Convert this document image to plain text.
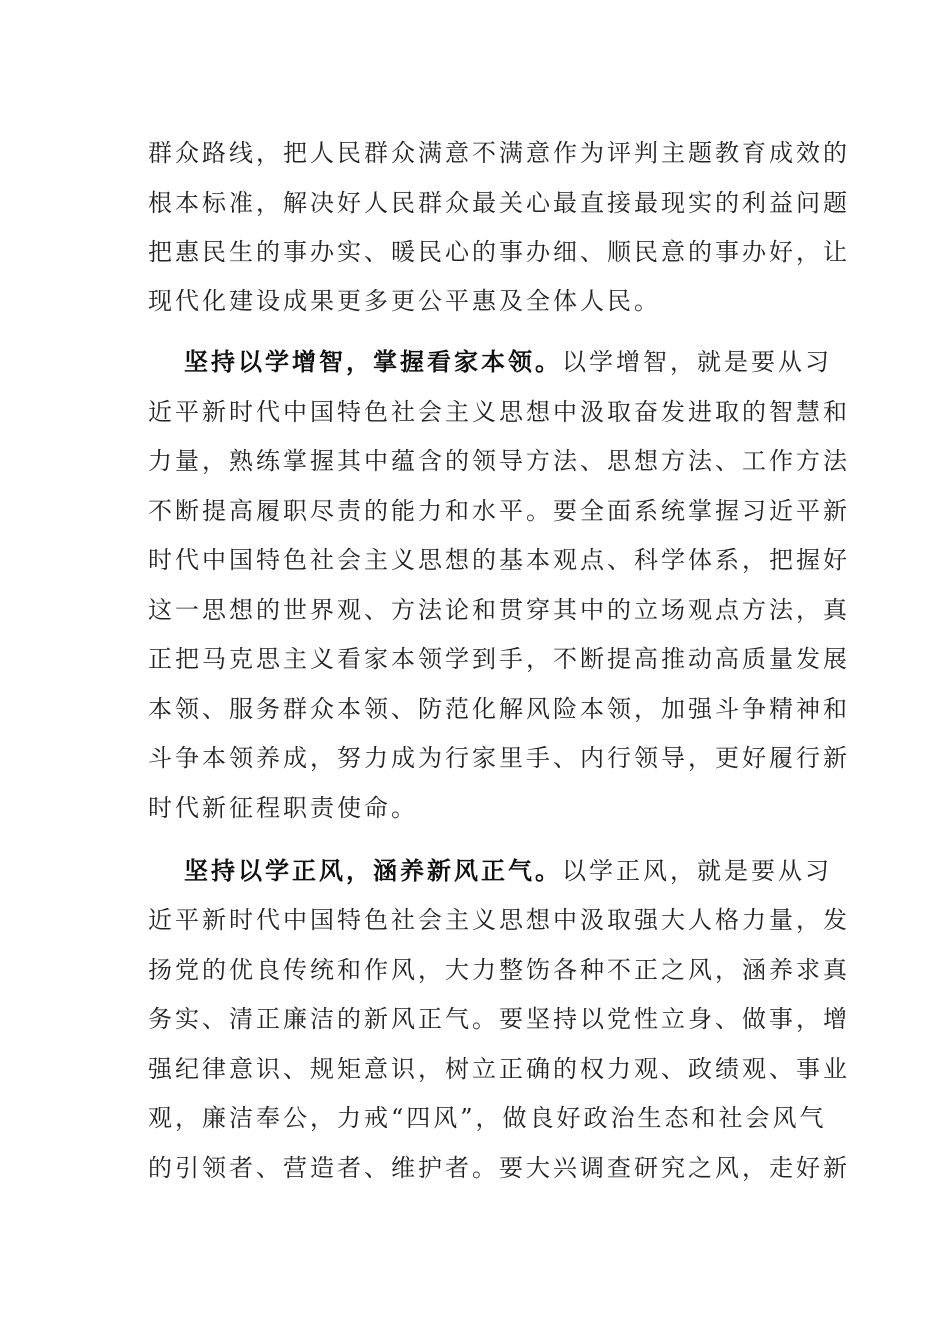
群众路线，把人民群众满意不满意作为评判主题教育成效的
根本标准，解决好人民群众最关心最直接最现实的利益问题
把惠民生的事办实、暖民心的事办细、顺民意的事办好，让
现代化建设成果更多更公平惠及全体人民。
坚持以学增智，掌握看家本领。以学增智，就是要从习
近平新时代中国特色社会主义思想中汲取奋发进取的智慧和
力量，熟练掌握其中蕴含的领导方法、思想方法、工作方法
不断提高履职尽责的能力和水平。要全面系统掌握习近平新
时代中国特色社会主义思想的基本观点、科学体系，把握好
这一思想的世界观、方法论和贯穿其中的立场观点方法，真
正把马克思主义看家本领学到手，不断提高推动高质量发展
本领、服务群众本领、防范化解风险本领，加强斗争精神和
斗争本领养成，努力成为行家里手、内行领导，更好履行新
时代新征程职责使命。
坚持以学正风，涵养新风正气。以学正风，就是要从习
近平新时代中国特色社会主义思想中汲取强大人格力量，发
扬党的优良传统和作风，大力整饬各种不正之风，涵养求真
务实、清正廉洁的新风正气。要坚持以党性立身、做事，增
强纪律意识、规矩意识，树立正确的权力观、政绩观、事业
观，廉洁奉公，力戒“四风”，做良好政治生态和社会风气
的引领者、营造者、维护者。要大兴调查研究之风，走好新
